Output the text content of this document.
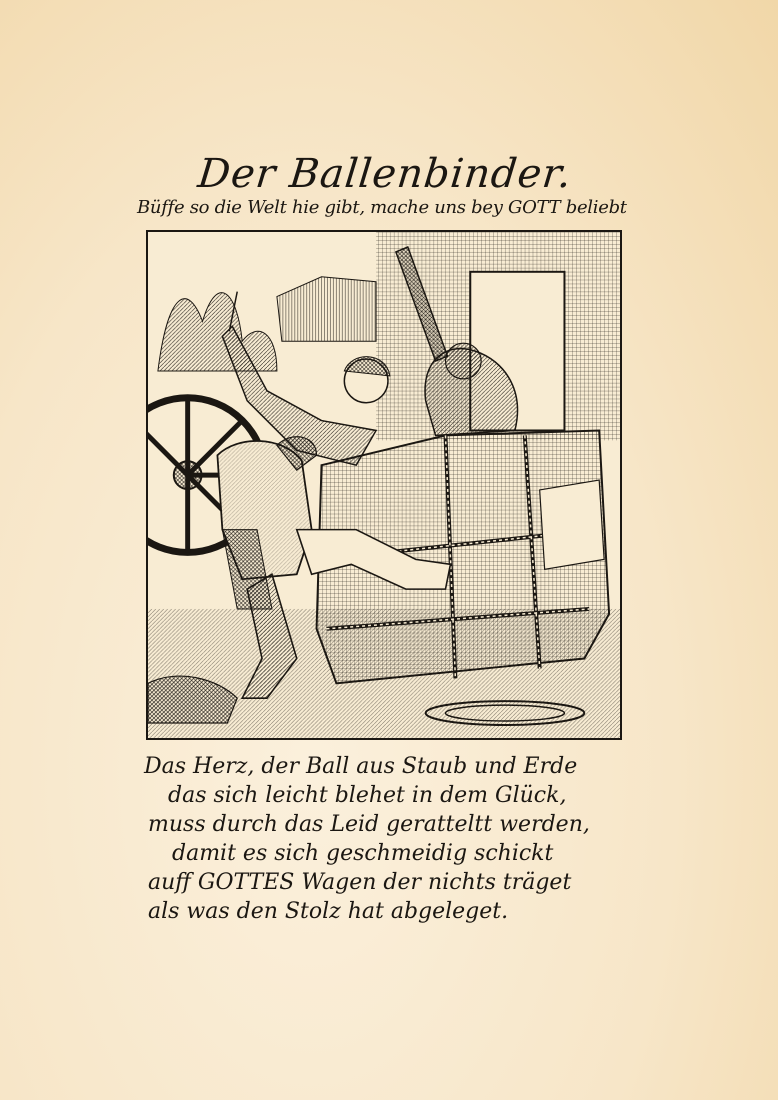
Der Ballenbinder.
Büffe so die Welt hie gibt, mache uns bey GOTT beliebt
Das Herz, der Ball aus Staub und Erde
das sich leicht blehet in dem Glück,
muss durch das Leid geratteltt werden,
damit es sich geschmeidig schickt
auff GOTTES Wagen der nichts träget
als was den Stolz hat abgeleget.
